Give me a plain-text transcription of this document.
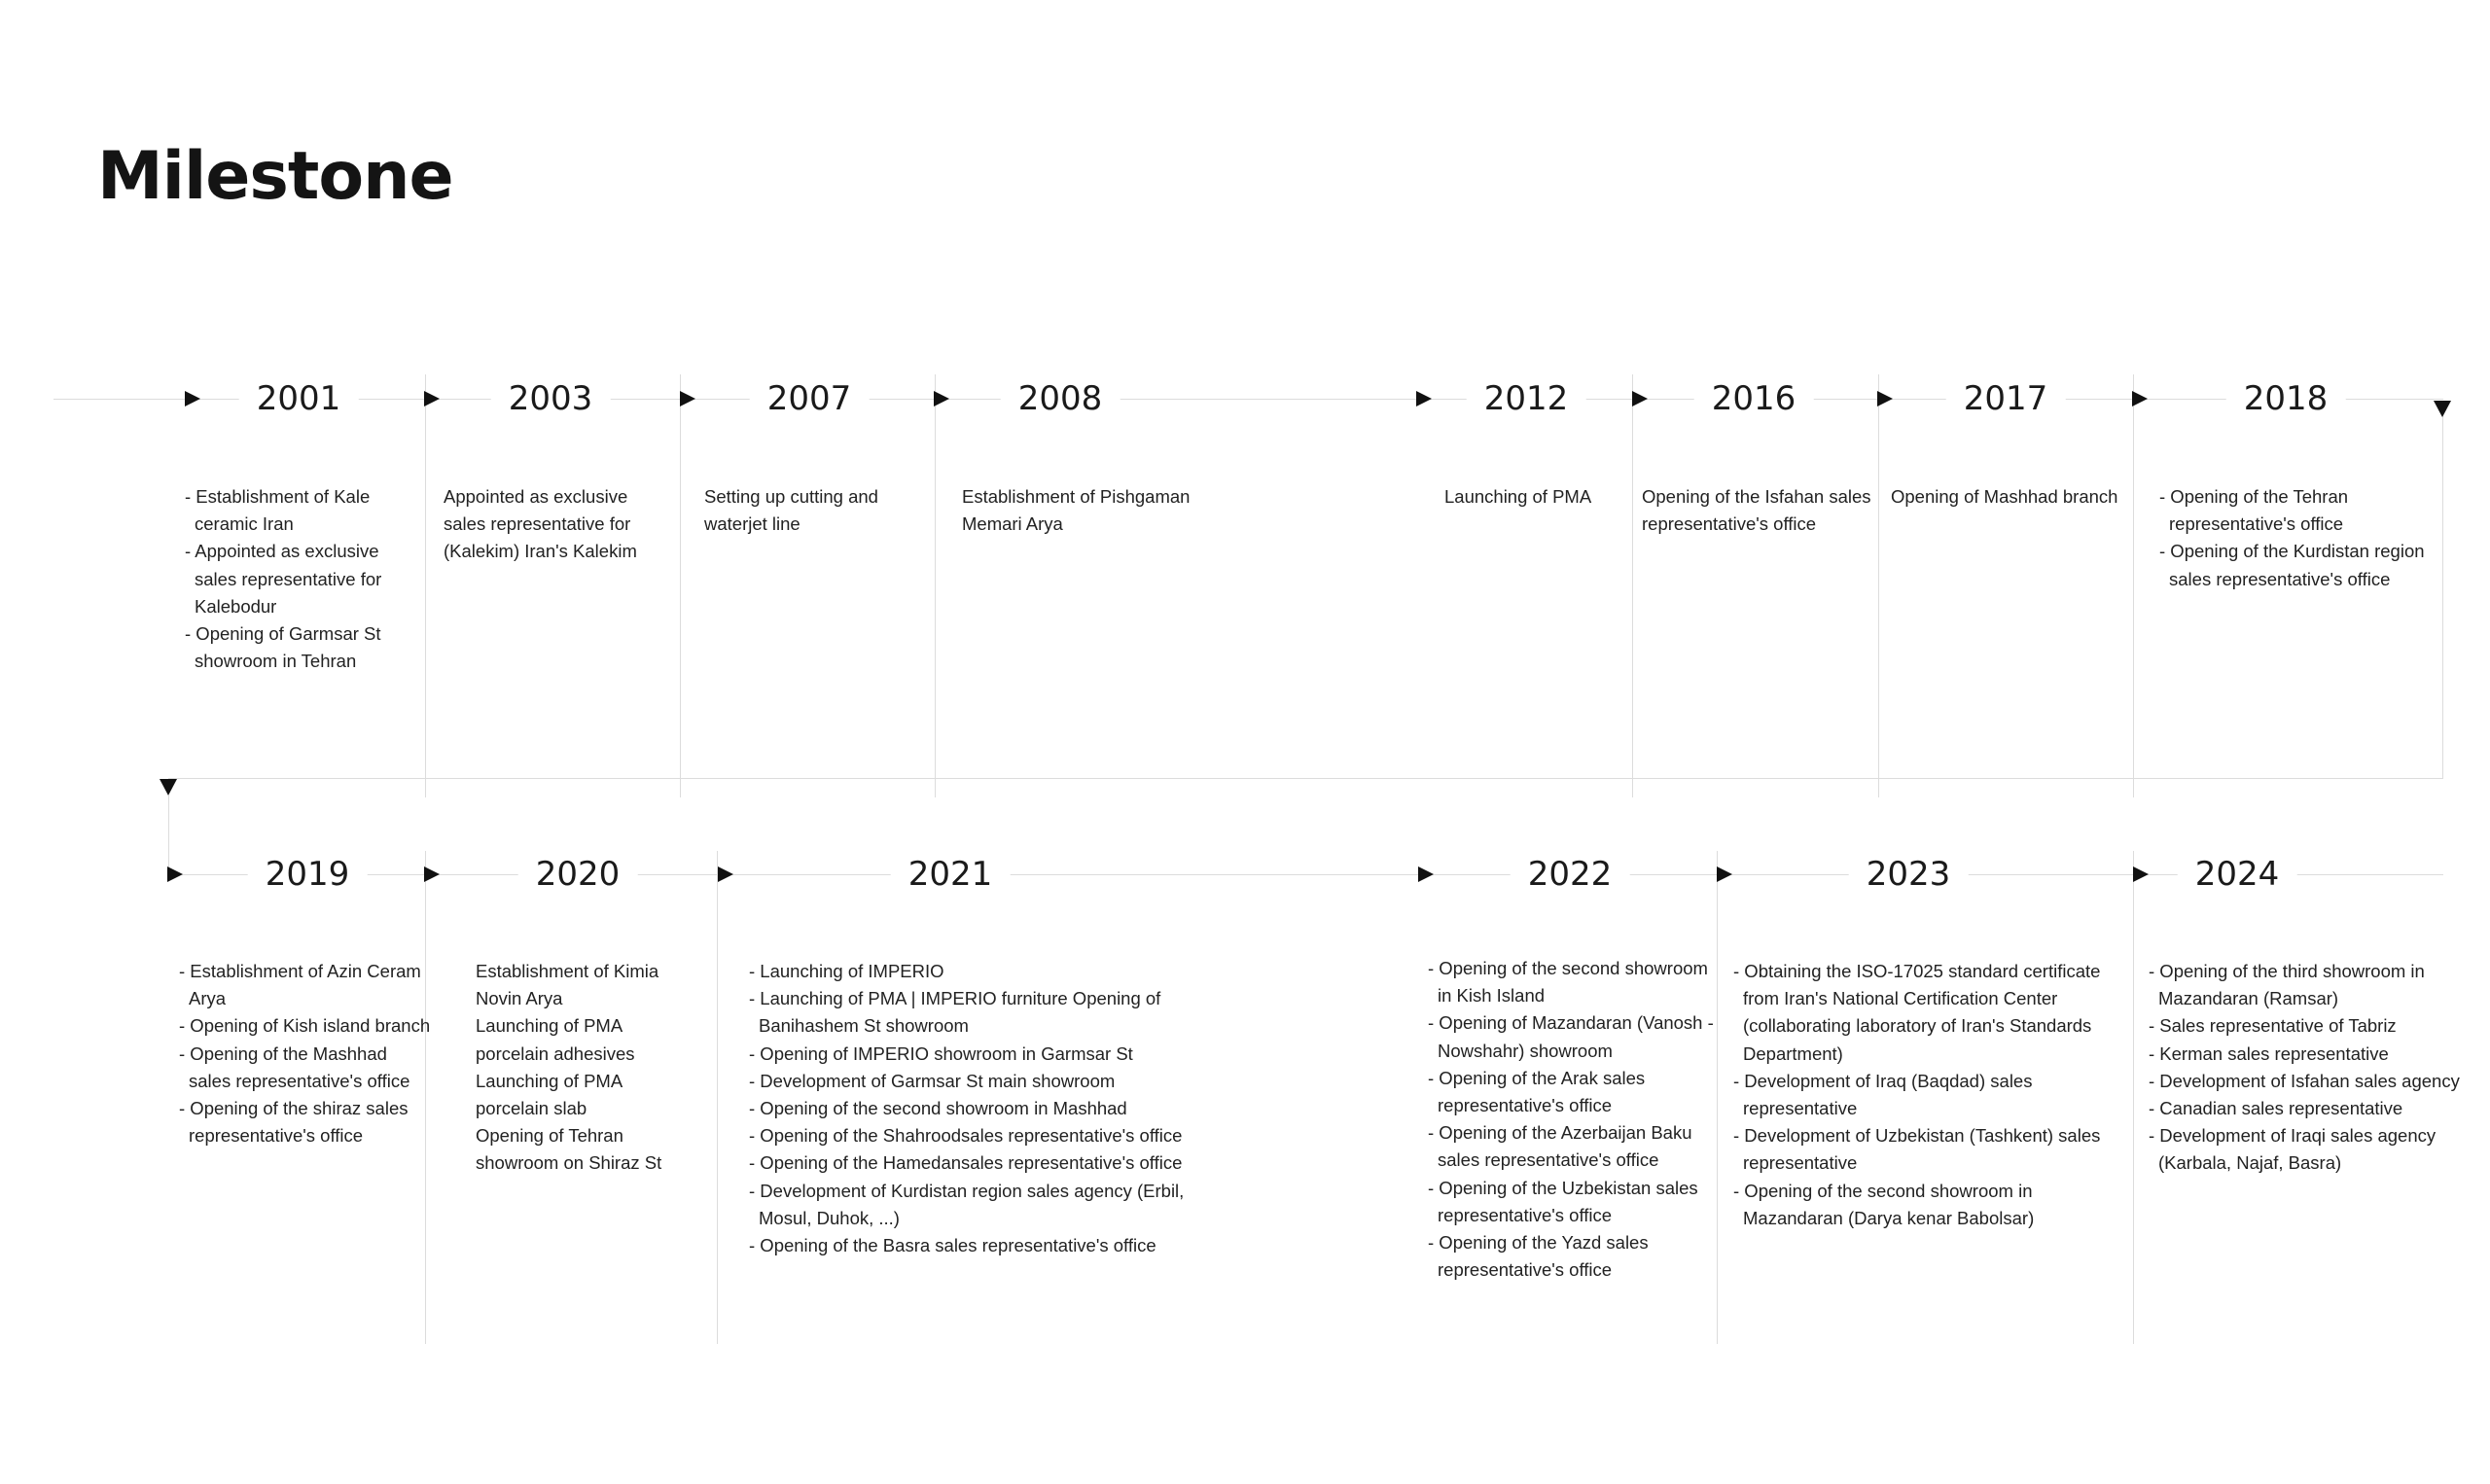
Milestone
2001
- Establishment of Kale ceramic Iran
- Appointed as exclusive sales representative for Kalebodur
- Opening of Garmsar St showroom in Tehran
2003
Appointed as exclusive sales representative for (Kalekim) Iran's Kalekim
2007
Setting up cutting and waterjet line
2008
Establishment of Pishgaman Memari Arya
2012
Launching of PMA
2016
Opening of the Isfahan sales representative's office
2017
Opening of Mashhad branch
2018
- Opening of the Tehran representative's office
- Opening of the Kurdistan region sales representative's office
2019
- Establishment of Azin Ceram Arya
- Opening of Kish island branch
- Opening of the Mashhad sales representative's office
- Opening of the shiraz sales representative's office
2020
Establishment of Kimia Novin Arya
Launching of PMA porcelain adhesives
Launching of PMA porcelain slab
Opening of Tehran showroom on Shiraz St
2021
- Launching of IMPERIO
- Launching of PMA | IMPERIO furniture Opening of Banihashem St showroom
- Opening of IMPERIO showroom in Garmsar St
- Development of Garmsar St main showroom
- Opening of the second showroom in Mashhad
- Opening of the Shahroodsales representative's office
- Opening of the Hamedansales representative's office
- Development of Kurdistan region sales agency (Erbil, Mosul, Duhok, ...)
- Opening of the Basra sales representative's office
2022
- Opening of the second showroom in Kish Island
- Opening of Mazandaran (Vanosh - Nowshahr) showroom
- Opening of the Arak sales representative's office
- Opening of the Azerbaijan Baku sales representative's office
- Opening of the Uzbekistan sales representative's office
- Opening of the Yazd sales representative's office
2023
- Obtaining the ISO-17025 standard certificate from Iran's National Certification Center (collaborating laboratory of Iran's Standards Department)
- Development of Iraq (Baqdad) sales representative
- Development of Uzbekistan (Tashkent) sales representative
- Opening of the second showroom in Mazandaran (Darya kenar Babolsar)
2024
- Opening of the third showroom in Mazandaran (Ramsar)
- Sales representative of Tabriz
- Kerman sales representative
- Development of Isfahan sales agency
- Canadian sales representative
- Development of Iraqi sales agency (Karbala, Najaf, Basra)
